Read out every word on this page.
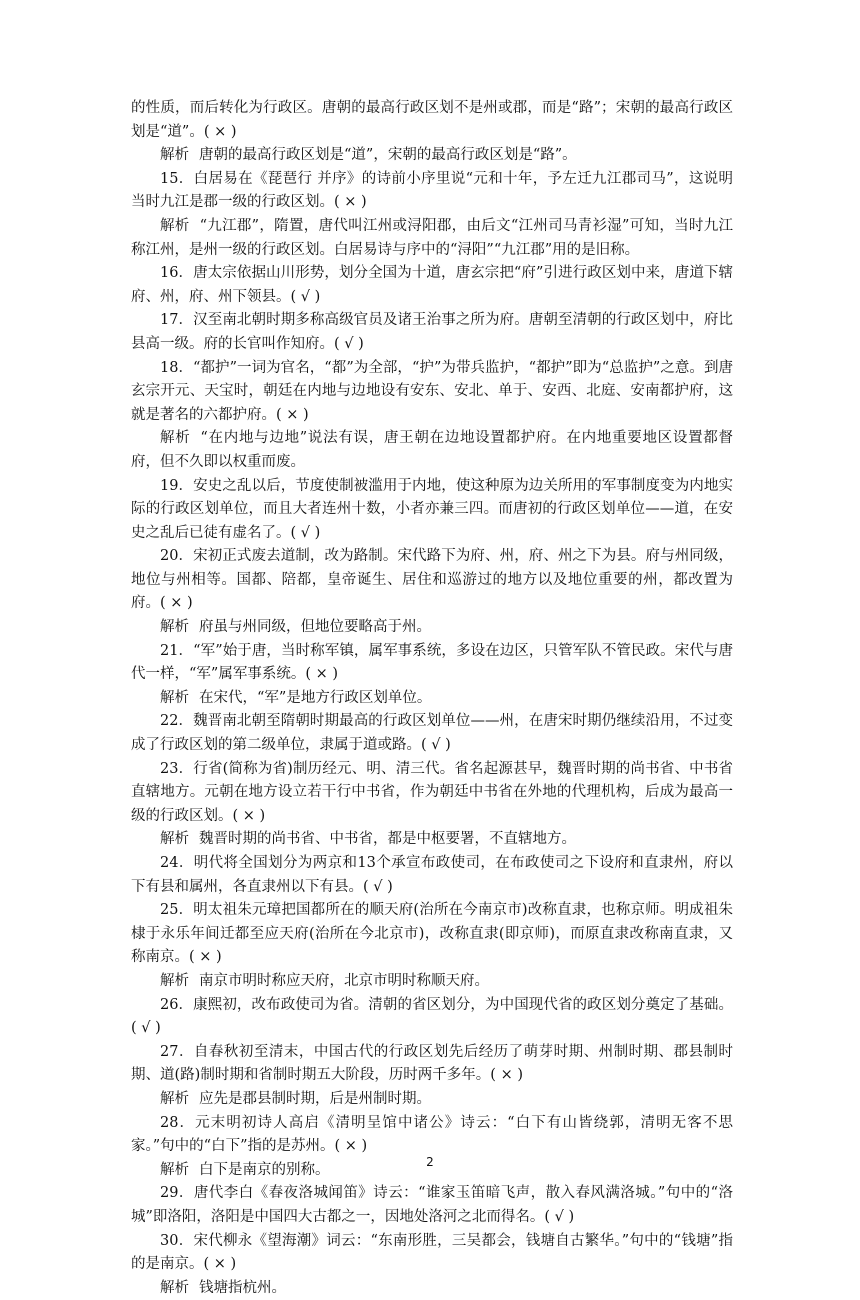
的性质，而后转化为行政区。唐朝的最高行政区划不是州或郡，而是“路”；宋朝的最高行政区划是“道”。( × )

解析 唐朝的最高行政区划是“道”，宋朝的最高行政区划是“路”。

15．白居易在《琵琶行 并序》的诗前小序里说“元和十年，予左迁九江郡司马”，这说明当时九江是郡一级的行政区划。( × )

解析 “九江郡”，隋置，唐代叫江州或浔阳郡，由后文“江州司马青衫湿”可知，当时九江称江州，是州一级的行政区划。白居易诗与序中的“浔阳”“九江郡”用的是旧称。

16．唐太宗依据山川形势，划分全国为十道，唐玄宗把“府”引进行政区划中来，唐道下辖府、州，府、州下领县。( √ )

17．汉至南北朝时期多称高级官员及诸王治事之所为府。唐朝至清朝的行政区划中，府比县高一级。府的长官叫作知府。( √ )

18．“都护”一词为官名，“都”为全部，“护”为带兵监护，“都护”即为“总监护”之意。到唐玄宗开元、天宝时，朝廷在内地与边地设有安东、安北、单于、安西、北庭、安南都护府，这就是著名的六都护府。( × )

解析 “在内地与边地”说法有误，唐王朝在边地设置都护府。在内地重要地区设置都督府，但不久即以权重而废。

19．安史之乱以后，节度使制被滥用于内地，使这种原为边关所用的军事制度变为内地实际的行政区划单位，而且大者连州十数，小者亦兼三四。而唐初的行政区划单位——道，在安史之乱后已徒有虚名了。( √ )

20．宋初正式废去道制，改为路制。宋代路下为府、州，府、州之下为县。府与州同级，地位与州相等。国都、陪都，皇帝诞生、居住和巡游过的地方以及地位重要的州，都改置为府。( × )

解析 府虽与州同级，但地位要略高于州。

21．“军”始于唐，当时称军镇，属军事系统，多设在边区，只管军队不管民政。宋代与唐代一样，“军”属军事系统。( × )

解析 在宋代，“军”是地方行政区划单位。

22．魏晋南北朝至隋朝时期最高的行政区划单位——州，在唐宋时期仍继续沿用，不过变成了行政区划的第二级单位，隶属于道或路。( √ )

23．行省(简称为省)制历经元、明、清三代。省名起源甚早，魏晋时期的尚书省、中书省直辖地方。元朝在地方设立若干行中书省，作为朝廷中书省在外地的代理机构，后成为最高一级的行政区划。( × )

解析 魏晋时期的尚书省、中书省，都是中枢要署，不直辖地方。

24．明代将全国划分为两京和13个承宣布政使司，在布政使司之下设府和直隶州，府以下有县和属州，各直隶州以下有县。( √ )

25．明太祖朱元璋把国都所在的顺天府(治所在今南京市)改称直隶，也称京师。明成祖朱棣于永乐年间迁都至应天府(治所在今北京市)，改称直隶(即京师)，而原直隶改称南直隶，又称南京。( × )

解析 南京市明时称应天府，北京市明时称顺天府。

26．康熙初，改布政使司为省。清朝的省区划分，为中国现代省的政区划分奠定了基础。( √ )

27．自春秋初至清末，中国古代的行政区划先后经历了萌芽时期、州制时期、郡县制时期、道(路)制时期和省制时期五大阶段，历时两千多年。( × )

解析 应先是郡县制时期，后是州制时期。

28．元末明初诗人高启《清明呈馆中诸公》诗云：“白下有山皆绕郭，清明无客不思家。”句中的“白下”指的是苏州。( × )

解析 白下是南京的别称。

29．唐代李白《春夜洛城闻笛》诗云：“谁家玉笛暗飞声，散入春风满洛城。”句中的“洛城”即洛阳，洛阳是中国四大古都之一，因地处洛河之北而得名。( √ )

30．宋代柳永《望海潮》词云：“东南形胜，三吴都会，钱塘自古繁华。”句中的“钱塘”指的是南京。( × )

解析 钱塘指杭州。

2
